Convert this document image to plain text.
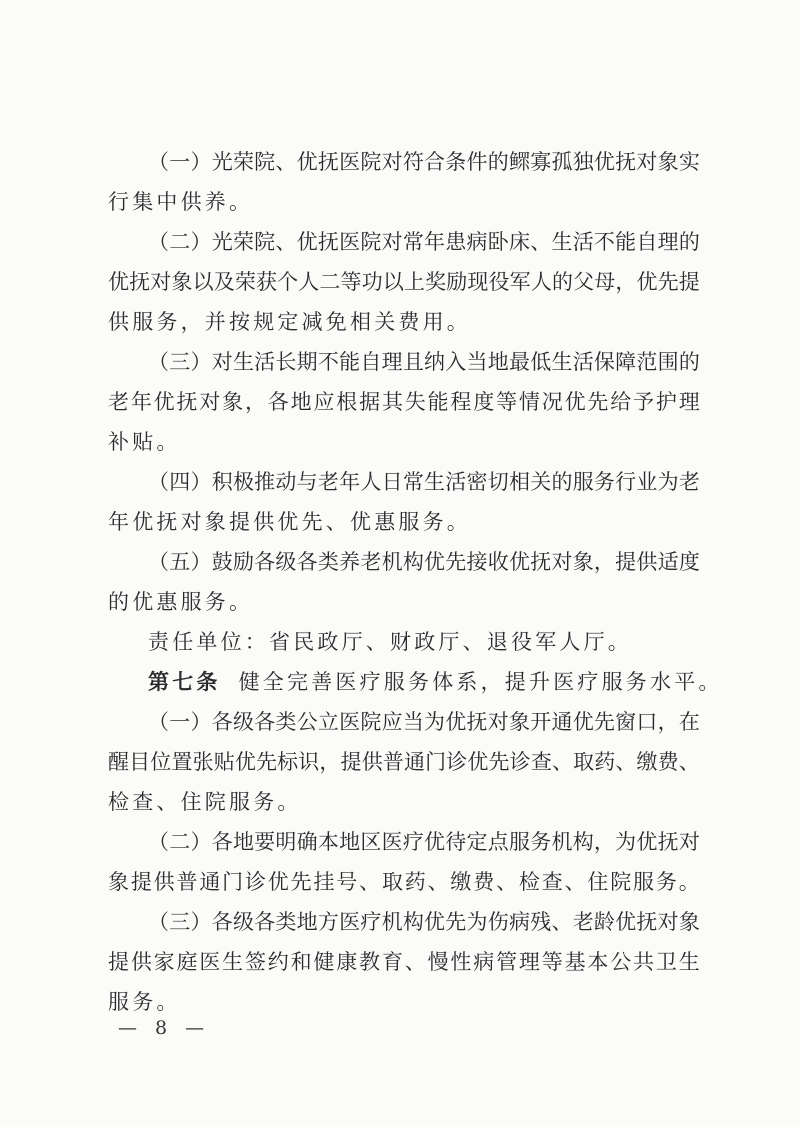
（ 一 ） 光 荣 院 、 优 抚 医 院 对 符 合 条 件 的 鳏 寡 孤 独 优 抚 对 象 实
行集中供养。
（ 二 ） 光 荣 院 、 优 抚 医 院 对 常 年 患 病 卧 床 、 生 活 不 能 自 理 的
优 抚 对 象 以 及 荣 获 个 人 二 等 功 以 上 奖 励 现 役 军 人 的 父 母 ， 优 先 提
供服务，并按规定减免相关费用。
（ 三 ） 对 生 活 长 期 不 能 自 理 且 纳 入 当 地 最 低 生 活 保 障 范 围 的
老 年 优 抚 对 象 ， 各 地 应 根 据 其 失 能 程 度 等 情 况 优 先 给 予 护 理
补贴。
（ 四 ） 积 极 推 动 与 老 年 人 日 常 生 活 密 切 相 关 的 服 务 行 业 为 老
年优抚对象提供优先、优惠服务。
（ 五 ） 鼓 励 各 级 各 类 养 老 机 构 优 先 接 收 优 抚 对 象 ， 提 供 适 度
的优惠服务。
责任单位：省民政厅、财政厅、退役军人厅。
第七条 健全完善医疗服务体系，提升医疗服务水平。
（ 一 ） 各 级 各 类 公 立 医 院 应 当 为 优 抚 对 象 开 通 优 先 窗 口 ， 在
醒 目 位 置 张 贴 优 先 标 识 ， 提 供 普 通 门 诊 优 先 诊 查 、 取 药 、 缴 费 、
检查、住院服务。
（ 二 ） 各 地 要 明 确 本 地 区 医 疗 优 待 定 点 服 务 机 构 ， 为 优 抚 对
象 提 供 普 通 门 诊 优 先 挂 号 、 取 药 、 缴 费 、 检 查 、 住 院 服 务 。
（ 三 ） 各 级 各 类 地 方 医 疗 机 构 优 先 为 伤 病 残 、 老 龄 优 抚 对 象
提 供 家 庭 医 生 签 约 和 健 康 教 育 、 慢 性 病 管 理 等 基 本 公 共 卫 生
服务。
— 8 —
